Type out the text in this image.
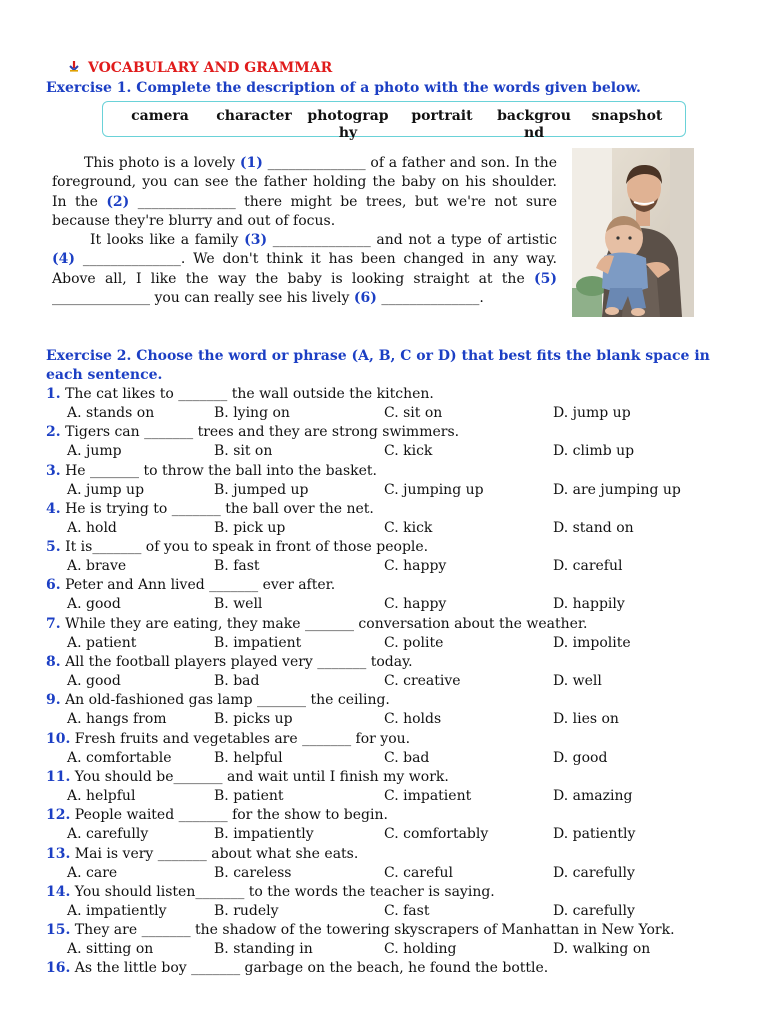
VOCABULARY AND GRAMMAR
Exercise 1. Complete the description of a photo with the words given below.
camera	character	photograp
hy
portrait	backgrou
nd
snapshot

This photo is a lovely (1) ______________ of a father and son. In the foreground, you can see the father holding the baby on his shoulder. In the (2) ______________ there might be trees, but we're not sure because they're blurry and out of focus.

It looks like a family (3) ______________ and not a type of artistic (4) ______________. We don't think it has been changed in any way. Above all, I like the way the baby is looking straight at the (5) ______________ you can really see his lively (6) ______________.

Exercise 2. Choose the word or phrase (A, B, C or D) that best fits the blank space in each sentence.
1. The cat likes to _______ the wall outside the kitchen.
A. stands on	B. lying on	C. sit on	D. jump up
2. Tigers can _______ trees and they are strong swimmers.
A. jump	B. sit on	C. kick	D. climb up
3. He _______ to throw the ball into the basket.
A. jump up	B. jumped up	C. jumping up	D. are jumping up
4. He is trying to _______ the ball over the net.
A. hold	B. pick up	C. kick	D. stand on
5. It is_______ of you to speak in front of those people.
A. brave	B. fast	C. happy	D. careful
6. Peter and Ann lived _______ ever after.
A. good	B. well	C. happy	D. happily
7. While they are eating, they make _______ conversation about the weather.
A. patient	B. impatient	C. polite	D. impolite
8. All the football players played very _______ today.
A. good	B. bad	C. creative	D. well
9. An old-fashioned gas lamp _______ the ceiling.
A. hangs from	B. picks up	C. holds	D. lies on
10. Fresh fruits and vegetables are _______ for you.
A. comfortable	B. helpful	C. bad	D. good
11. You should be_______ and wait until I finish my work.
A. helpful	B. patient	C. impatient	D. amazing
12. People waited _______ for the show to begin.
A. carefully	B. impatiently	C. comfortably	D. patiently
13. Mai is very _______ about what she eats.
A. care	B. careless	C. careful	D. carefully
14. You should listen_______ to the words the teacher is saying.
A. impatiently	B. rudely	C. fast	D. carefully
15. They are _______ the shadow of the towering skyscrapers of Manhattan in New York.
A. sitting on	B. standing in	C. holding	D. walking on
16. As the little boy _______ garbage on the beach, he found the bottle.
